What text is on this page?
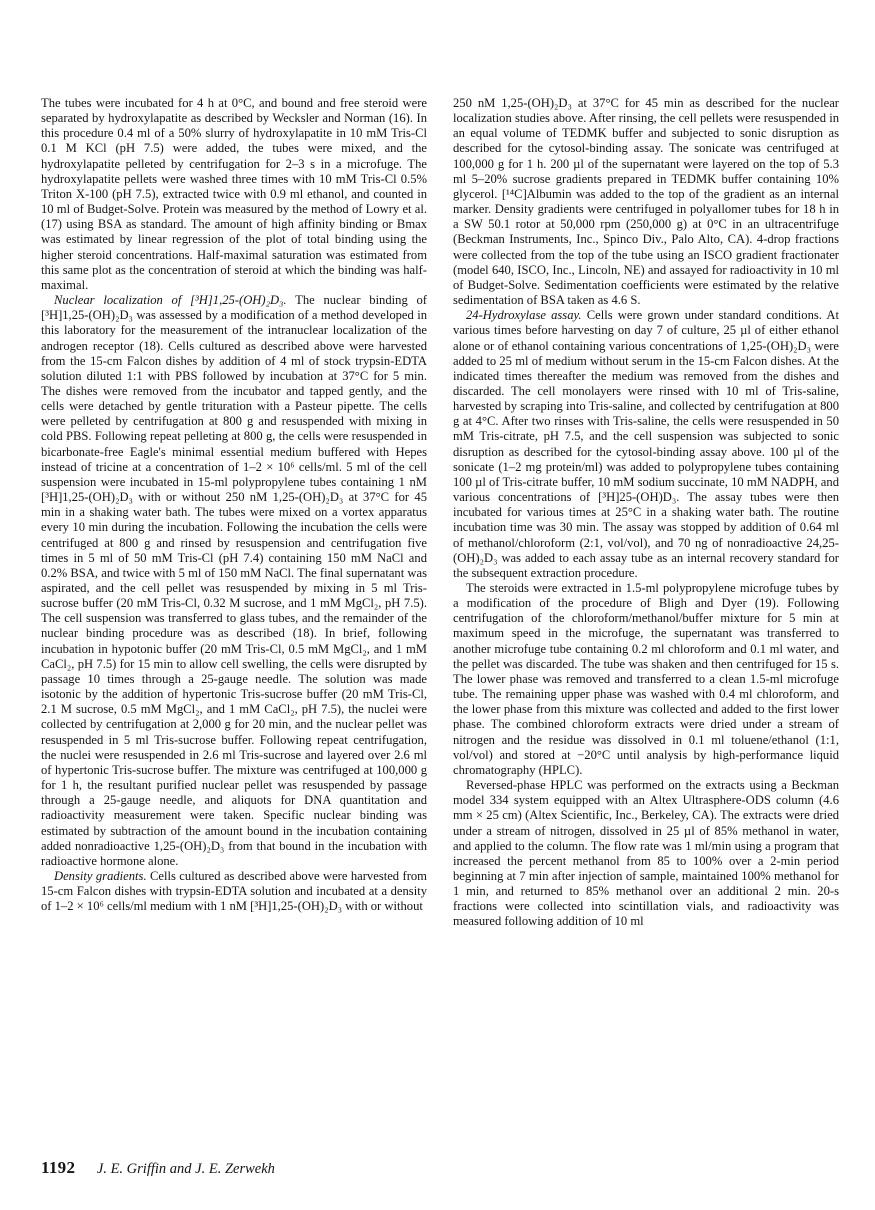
The tubes were incubated for 4 h at 0°C, and bound and free steroid were separated by hydroxylapatite as described by Wecksler and Norman (16). In this procedure 0.4 ml of a 50% slurry of hydroxylapatite in 10 mM Tris-Cl 0.1 M KCl (pH 7.5) were added, the tubes were mixed, and the hydroxylapatite pelleted by centrifugation for 2–3 s in a microfuge. The hydroxylapatite pellets were washed three times with 10 mM Tris-Cl 0.5% Triton X-100 (pH 7.5), extracted twice with 0.9 ml ethanol, and counted in 10 ml of Budget-Solve. Protein was measured by the method of Lowry et al. (17) using BSA as standard. The amount of high affinity binding or Bmax was estimated by linear regression of the plot of total binding using the higher steroid concentrations. Half-maximal saturation was estimated from this same plot as the concentration of steroid at which the binding was half-maximal.

Nuclear localization of [³H]1,25-(OH)₂D₃. The nuclear binding of [³H]1,25-(OH)₂D₃ was assessed by a modification of a method developed in this laboratory for the measurement of the intranuclear localization of the androgen receptor (18). Cells cultured as described above were harvested from the 15-cm Falcon dishes by addition of 4 ml of stock trypsin-EDTA solution diluted 1:1 with PBS followed by incubation at 37°C for 5 min. The dishes were removed from the incubator and tapped gently, and the cells were detached by gentle trituration with a Pasteur pipette. The cells were pelleted by centrifugation at 800 g and resuspended with mixing in cold PBS. Following repeat pelleting at 800 g, the cells were resuspended in bicarbonate-free Eagle's minimal essential medium buffered with Hepes instead of tricine at a concentration of 1–2 × 10⁶ cells/ml. 5 ml of the cell suspension were incubated in 15-ml polypropylene tubes containing 1 nM [³H]1,25-(OH)₂D₃ with or without 250 nM 1,25-(OH)₂D₃ at 37°C for 45 min in a shaking water bath. The tubes were mixed on a vortex apparatus every 10 min during the incubation. Following the incubation the cells were centrifuged at 800 g and rinsed by resuspension and centrifugation five times in 5 ml of 50 mM Tris-Cl (pH 7.4) containing 150 mM NaCl and 0.2% BSA, and twice with 5 ml of 150 mM NaCl. The final supernatant was aspirated, and the cell pellet was resuspended by mixing in 5 ml Tris-sucrose buffer (20 mM Tris-Cl, 0.32 M sucrose, and 1 mM MgCl₂, pH 7.5). The cell suspension was transferred to glass tubes, and the remainder of the nuclear binding procedure was as described (18). In brief, following incubation in hypotonic buffer (20 mM Tris-Cl, 0.5 mM MgCl₂, and 1 mM CaCl₂, pH 7.5) for 15 min to allow cell swelling, the cells were disrupted by passage 10 times through a 25-gauge needle. The solution was made isotonic by the addition of hypertonic Tris-sucrose buffer (20 mM Tris-Cl, 2.1 M sucrose, 0.5 mM MgCl₂, and 1 mM CaCl₂, pH 7.5), the nuclei were collected by centrifugation at 2,000 g for 20 min, and the nuclear pellet was resuspended in 5 ml Tris-sucrose buffer. Following repeat centrifugation, the nuclei were resuspended in 2.6 ml Tris-sucrose and layered over 2.6 ml of hypertonic Tris-sucrose buffer. The mixture was centrifuged at 100,000 g for 1 h, the resultant purified nuclear pellet was resuspended by passage through a 25-gauge needle, and aliquots for DNA quantitation and radioactivity measurement were taken. Specific nuclear binding was estimated by subtraction of the amount bound in the incubation containing added nonradioactive 1,25-(OH)₂D₃ from that bound in the incubation with radioactive hormone alone.

Density gradients. Cells cultured as described above were harvested from 15-cm Falcon dishes with trypsin-EDTA solution and incubated at a density of 1–2 × 10⁶ cells/ml medium with 1 nM [³H]1,25-(OH)₂D₃ with or without

250 nM 1,25-(OH)₂D₃ at 37°C for 45 min as described for the nuclear localization studies above. After rinsing, the cell pellets were resuspended in an equal volume of TEDMK buffer and subjected to sonic disruption as described for the cytosol-binding assay. The sonicate was centrifuged at 100,000 g for 1 h. 200 µl of the supernatant were layered on the top of 5.3 ml 5–20% sucrose gradients prepared in TEDMK buffer containing 10% glycerol. [¹⁴C]Albumin was added to the top of the gradient as an internal marker. Density gradients were centrifuged in polyallomer tubes for 18 h in a SW 50.1 rotor at 50,000 rpm (250,000 g) at 0°C in an ultracentrifuge (Beckman Instruments, Inc., Spinco Div., Palo Alto, CA). 4-drop fractions were collected from the top of the tube using an ISCO gradient fractionater (model 640, ISCO, Inc., Lincoln, NE) and assayed for radioactivity in 10 ml of Budget-Solve. Sedimentation coefficients were estimated by the relative sedimentation of BSA taken as 4.6 S.

24-Hydroxylase assay. Cells were grown under standard conditions. At various times before harvesting on day 7 of culture, 25 µl of either ethanol alone or of ethanol containing various concentrations of 1,25-(OH)₂D₃ were added to 25 ml of medium without serum in the 15-cm Falcon dishes. At the indicated times thereafter the medium was removed from the dishes and discarded. The cell monolayers were rinsed with 10 ml of Tris-saline, harvested by scraping into Tris-saline, and collected by centrifugation at 800 g at 4°C. After two rinses with Tris-saline, the cells were resuspended in 50 mM Tris-citrate, pH 7.5, and the cell suspension was subjected to sonic disruption as described for the cytosol-binding assay above. 100 µl of the sonicate (1–2 mg protein/ml) was added to polypropylene tubes containing 100 µl of Tris-citrate buffer, 10 mM sodium succinate, 10 mM NADPH, and various concentrations of [³H]25-(OH)D₃. The assay tubes were then incubated for various times at 25°C in a shaking water bath. The routine incubation time was 30 min. The assay was stopped by addition of 0.64 ml of methanol/chloroform (2:1, vol/vol), and 70 ng of nonradioactive 24,25-(OH)₂D₃ was added to each assay tube as an internal recovery standard for the subsequent extraction procedure.

The steroids were extracted in 1.5-ml polypropylene microfuge tubes by a modification of the procedure of Bligh and Dyer (19). Following centrifugation of the chloroform/methanol/buffer mixture for 5 min at maximum speed in the microfuge, the supernatant was transferred to another microfuge tube containing 0.2 ml chloroform and 0.1 ml water, and the pellet was discarded. The tube was shaken and then centrifuged for 15 s. The lower phase was removed and transferred to a clean 1.5-ml microfuge tube. The remaining upper phase was washed with 0.4 ml chloroform, and the lower phase from this mixture was collected and added to the first lower phase. The combined chloroform extracts were dried under a stream of nitrogen and the residue was dissolved in 0.1 ml toluene/ethanol (1:1, vol/vol) and stored at −20°C until analysis by high-performance liquid chromatography (HPLC).

Reversed-phase HPLC was performed on the extracts using a Beckman model 334 system equipped with an Altex Ultrasphere-ODS column (4.6 mm × 25 cm) (Altex Scientific, Inc., Berkeley, CA). The extracts were dried under a stream of nitrogen, dissolved in 25 µl of 85% methanol in water, and applied to the column. The flow rate was 1 ml/min using a program that increased the percent methanol from 85 to 100% over a 2-min period beginning at 7 min after injection of sample, maintained 100% methanol for 1 min, and returned to 85% methanol over an additional 2 min. 20-s fractions were collected into scintillation vials, and radioactivity was measured following addition of 10 ml

1192 J. E. Griffin and J. E. Zerwekh
